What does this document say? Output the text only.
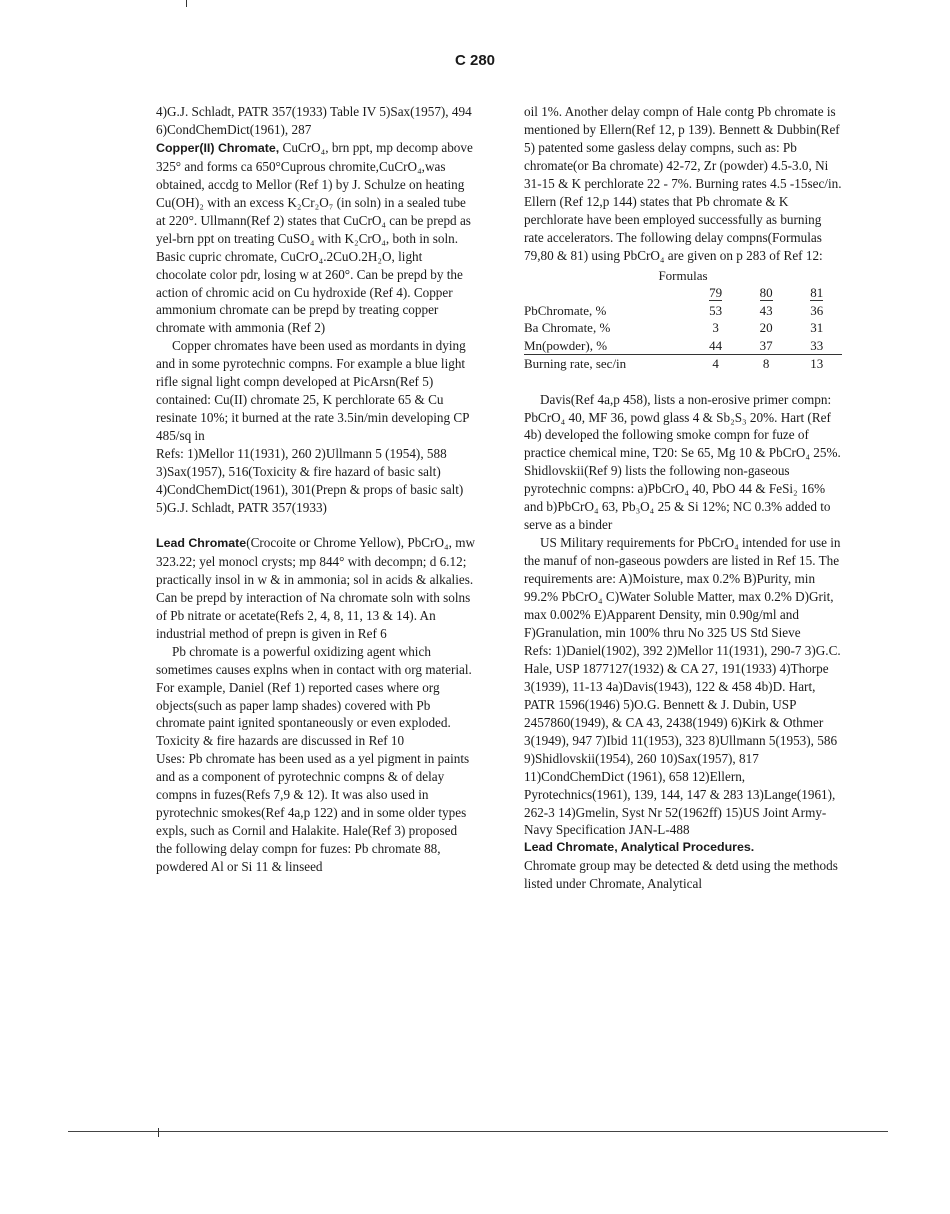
C 280

4)G.J. Schladt, PATR 357(1933) Table IV 5)Sax(1957), 494 6)CondChemDict(1961), 287

Copper(II) Chromate, CuCrO₄, brn ppt, mp decomp above 325° and forms ca 650°Cuprous chromite,CuCrO₄,was obtained, accdg to Mellor (Ref 1) by J. Schulze on heating Cu(OH)₂ with an excess K₂Cr₂O₇ (in soln) in a sealed tube at 220°. Ullmann(Ref 2) states that CuCrO₄ can be prepd as yel-brn ppt on treating CuSO₄ with K₂CrO₄, both in soln. Basic cupric chromate, CuCrO₄.2CuO.2H₂O, light chocolate color pdr, losing w at 260°. Can be prepd by the action of chromic acid on Cu hydroxide (Ref 4). Copper ammonium chromate can be prepd by treating copper chromate with ammonia (Ref 2)

Copper chromates have been used as mordants in dying and in some pyrotechnic compns. For example a blue light rifle signal light compn developed at PicArsn(Ref 5) contained: Cu(II) chromate 25, K perchlorate 65 & Cu resinate 10%; it burned at the rate 3.5in/min developing CP 485/sq in

Refs: 1)Mellor 11(1931), 260 2)Ullmann 5 (1954), 588 3)Sax(1957), 516(Toxicity & fire hazard of basic salt) 4)CondChemDict(1961), 301(Prepn & props of basic salt) 5)G.J. Schladt, PATR 357(1933)

Lead Chromate(Crocoite or Chrome Yellow), PbCrO₄, mw 323.22; yel monocl crysts; mp 844° with decompn; d 6.12; practically insol in w & in ammonia; sol in acids & alkalies. Can be prepd by interaction of Na chromate soln with solns of Pb nitrate or acetate(Refs 2, 4, 8, 11, 13 & 14). An industrial method of prepn is given in Ref 6

Pb chromate is a powerful oxidizing agent which sometimes causes explns when in contact with org material. For example, Daniel (Ref 1) reported cases where org objects(such as paper lamp shades) covered with Pb chromate paint ignited spontaneously or even exploded. Toxicity & fire hazards are discussed in Ref 10

Uses: Pb chromate has been used as a yel pigment in paints and as a component of pyrotechnic compns & of delay compns in fuzes(Refs 7,9 & 12). It was also used in pyrotechnic smokes(Ref 4a,p 122) and in some older types expls, such as Cornil and Halakite. Hale(Ref 3) proposed the following delay compn for fuzes: Pb chromate 88, powdered Al or Si 11 & linseed

oil 1%. Another delay compn of Hale contg Pb chromate is mentioned by Ellern(Ref 12, p 139). Bennett & Dubbin(Ref 5) patented some gasless delay compns, such as: Pb chromate(or Ba chromate) 42-72, Zr (powder) 4.5-3.0, Ni 31-15 & K perchlorate 22 - 7%. Burning rates 4.5 -15sec/in. Ellern (Ref 12,p 144) states that Pb chromate & K perchlorate have been employed successfully as burning rate accelerators. The following delay compns(Formulas 79,80 & 81) using PbCrO₄ are given on p 283 of Ref 12:

Formulas			
	79	80	81
PbChromate, %	53	43	36
Ba Chromate, %	3	20	31
Mn(powder), %	44	37	33
Burning rate, sec/in	4	8	13

Davis(Ref 4a,p 458), lists a non-erosive primer compn: PbCrO₄ 40, MF 36, powd glass 4 & Sb₂S₃ 20%. Hart (Ref 4b) developed the following smoke compn for fuze of practice chemical mine, T20: Se 65, Mg 10 & PbCrO₄ 25%. Shidlovskii(Ref 9) lists the following non-gaseous pyrotechnic compns: a)PbCrO₄ 40, PbO 44 & FeSi₂ 16% and b)PbCrO₄ 63, Pb₃O₄ 25 & Si 12%; NC 0.3% added to serve as a binder

US Military requirements for PbCrO₄ intended for use in the manuf of non-gaseous powders are listed in Ref 15. The requirements are: A)Moisture, max 0.2% B)Purity, min 99.2% PbCrO₄ C)Water Soluble Matter, max 0.2% D)Grit, max 0.002% E)Apparent Density, min 0.90g/ml and F)Granulation, min 100% thru No 325 US Std Sieve

Refs: 1)Daniel(1902), 392 2)Mellor 11(1931), 290-7 3)G.C. Hale, USP 1877127(1932) & CA 27, 191(1933) 4)Thorpe 3(1939), 11-13 4a)Davis(1943), 122 & 458 4b)D. Hart, PATR 1596(1946) 5)O.G. Bennett & J. Dubin, USP 2457860(1949), & CA 43, 2438(1949) 6)Kirk & Othmer 3(1949), 947 7)Ibid 11(1953), 323 8)Ullmann 5(1953), 586 9)Shidlovskii(1954), 260 10)Sax(1957), 817 11)CondChemDict (1961), 658 12)Ellern, Pyrotechnics(1961), 139, 144, 147 & 283 13)Lange(1961), 262-3 14)Gmelin, Syst Nr 52(1962ff) 15)US Joint Army-Navy Specification JAN-L-488

Lead Chromate, Analytical Procedures.

Chromate group may be detected & detd using the methods listed under Chromate, Analytical
